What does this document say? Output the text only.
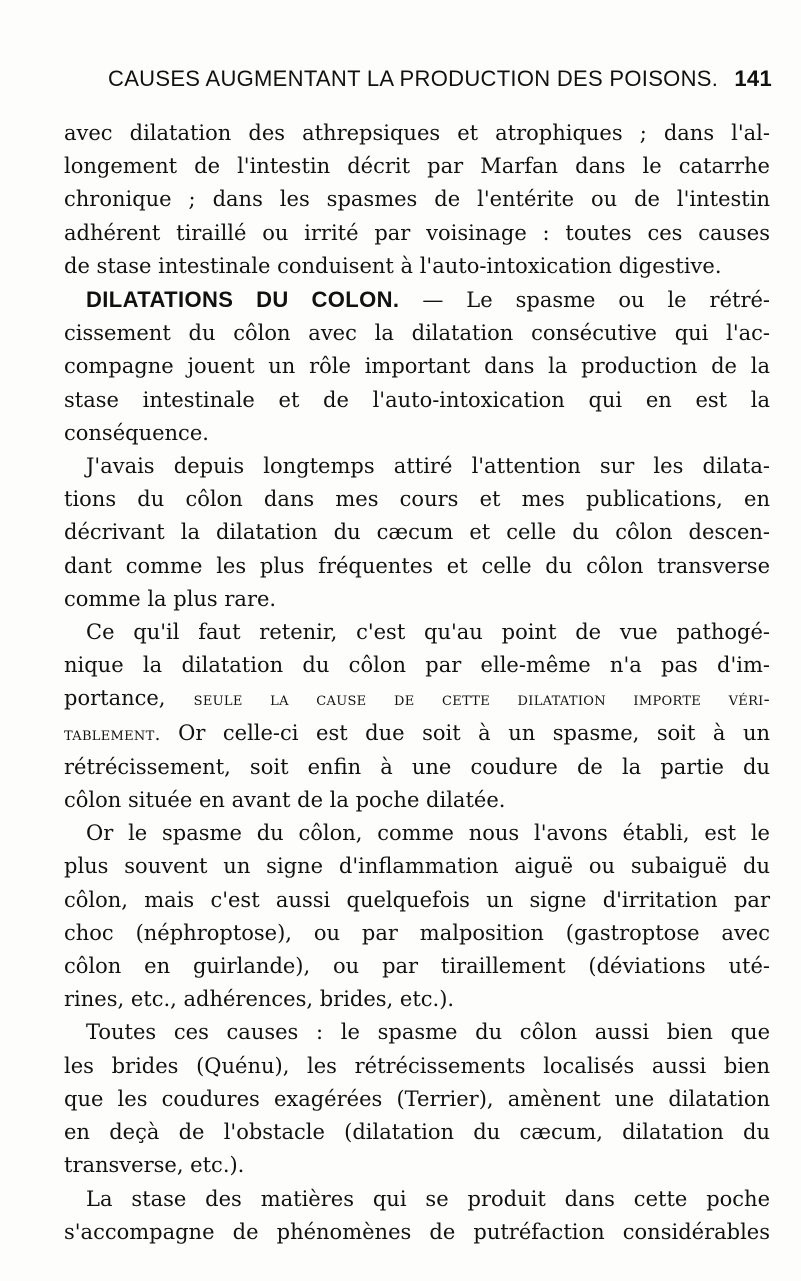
CAUSES AUGMENTANT LA PRODUCTION DES POISONS. 141

avec dilatation des athrepsiques et atrophiques ; dans l'al-
longement de l'intestin décrit par Marfan dans le catarrhe
chronique ; dans les spasmes de l'entérite ou de l'intestin
adhérent tiraillé ou irrité par voisinage : toutes ces causes
de stase intestinale conduisent à l'auto-intoxication digestive.

DILATATIONS DU COLON. — Le spasme ou le rétré-
cissement du côlon avec la dilatation consécutive qui l'ac-
compagne jouent un rôle important dans la production de la
stase intestinale et de l'auto-intoxication qui en est la
conséquence.

J'avais depuis longtemps attiré l'attention sur les dilata-
tions du côlon dans mes cours et mes publications, en
décrivant la dilatation du cæcum et celle du côlon descen-
dant comme les plus fréquentes et celle du côlon transverse
comme la plus rare.

Ce qu'il faut retenir, c'est qu'au point de vue pathogé-
nique la dilatation du côlon par elle-même n'a pas d'im-
portance, seule la cause de cette dilatation importe véri-
tablement. Or celle-ci est due soit à un spasme, soit à un
rétrécissement, soit enfin à une coudure de la partie du
côlon située en avant de la poche dilatée.

Or le spasme du côlon, comme nous l'avons établi, est le
plus souvent un signe d'inflammation aiguë ou subaiguë du
côlon, mais c'est aussi quelquefois un signe d'irritation par
choc (néphroptose), ou par malposition (gastroptose avec
côlon en guirlande), ou par tiraillement (déviations uté-
rines, etc., adhérences, brides, etc.).

Toutes ces causes : le spasme du côlon aussi bien que
les brides (Quénu), les rétrécissements localisés aussi bien
que les coudures exagérées (Terrier), amènent une dilatation
en deçà de l'obstacle (dilatation du cæcum, dilatation du
transverse, etc.).

La stase des matières qui se produit dans cette poche
s'accompagne de phénomènes de putréfaction considérables
